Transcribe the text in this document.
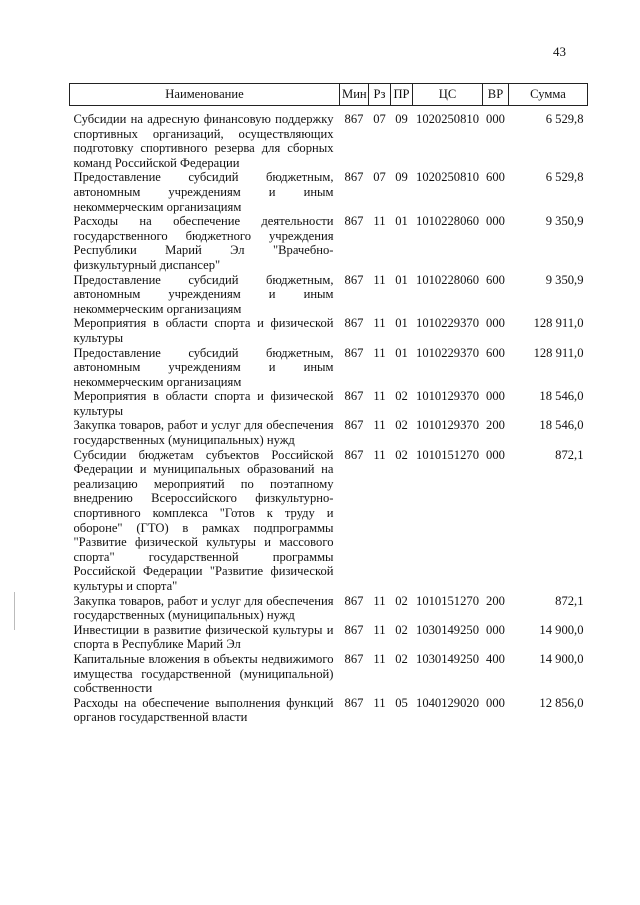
43
Наименование	Мин	Рз	ПР	ЦС	ВР	Сумма
Субсидии на адресную финансовую поддержку спортивных организаций, осуществляющих подготовку спортивного резерва для сборных команд Российской Федерации	867	07	09	1020250810	000	6 529,8
Предоставление субсидий бюджетным, автономным учреждениям и иным некоммерческим организациям	867	07	09	1020250810	600	6 529,8
Расходы на обеспечение деятельности государственного бюджетного учреждения Республики Марий Эл "Врачебно-физкультурный диспансер"	867	11	01	1010228060	000	9 350,9
Предоставление субсидий бюджетным, автономным учреждениям и иным некоммерческим организациям	867	11	01	1010228060	600	9 350,9
Мероприятия в области спорта и физической культуры	867	11	01	1010229370	000	128 911,0
Предоставление субсидий бюджетным, автономным учреждениям и иным некоммерческим организациям	867	11	01	1010229370	600	128 911,0
Мероприятия в области спорта и физической культуры	867	11	02	1010129370	000	18 546,0
Закупка товаров, работ и услуг для обеспечения государственных (муниципальных) нужд	867	11	02	1010129370	200	18 546,0
Субсидии бюджетам субъектов Российской Федерации и муниципальных образований на реализацию мероприятий по поэтапному внедрению Всероссийского физкультурно-спортивного комплекса "Готов к труду и обороне" (ГТО) в рамках подпрограммы "Развитие физической культуры и массового спорта" государственной программы Российской Федерации "Развитие физической культуры и спорта"	867	11	02	1010151270	000	872,1
Закупка товаров, работ и услуг для обеспечения государственных (муниципальных) нужд	867	11	02	1010151270	200	872,1
Инвестиции в развитие физической культуры и спорта в Республике Марий Эл	867	11	02	1030149250	000	14 900,0
Капитальные вложения в объекты недвижимого имущества государственной (муниципальной) собственности	867	11	02	1030149250	400	14 900,0
Расходы на обеспечение выполнения функций органов государственной власти	867	11	05	1040129020	000	12 856,0
